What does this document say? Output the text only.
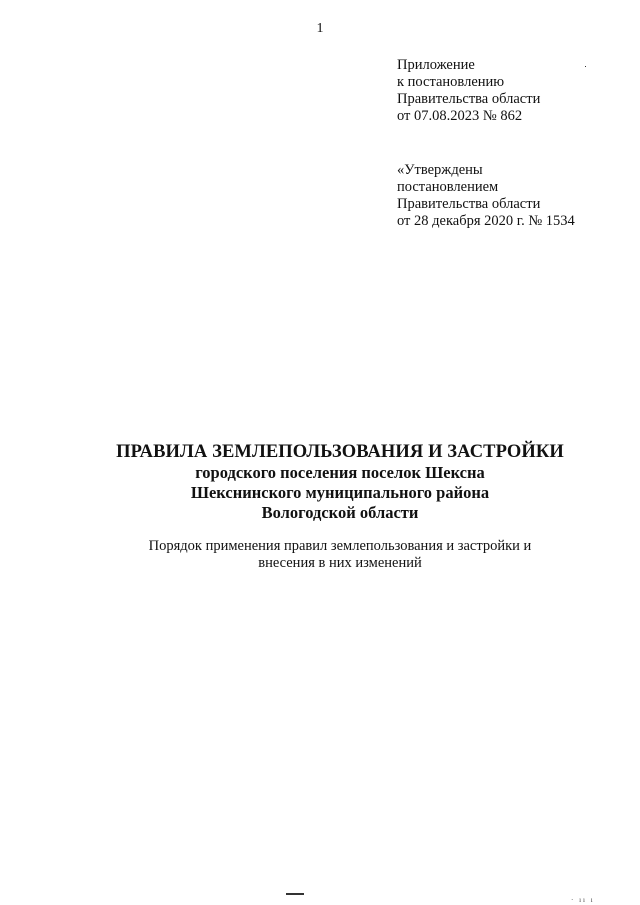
1
Приложение
к постановлению
Правительства области
от 07.08.2023 № 862
«Утверждены
постановлением
Правительства области
от 28 декабря 2020 г. № 1534
ПРАВИЛА ЗЕМЛЕПОЛЬЗОВАНИЯ И ЗАСТРОЙКИ
городского поселения поселок Шексна
Шекснинского муниципального района
Вологодской области
Порядок применения правил землепользования и застройки и
внесения в них изменений
· ıı ı
